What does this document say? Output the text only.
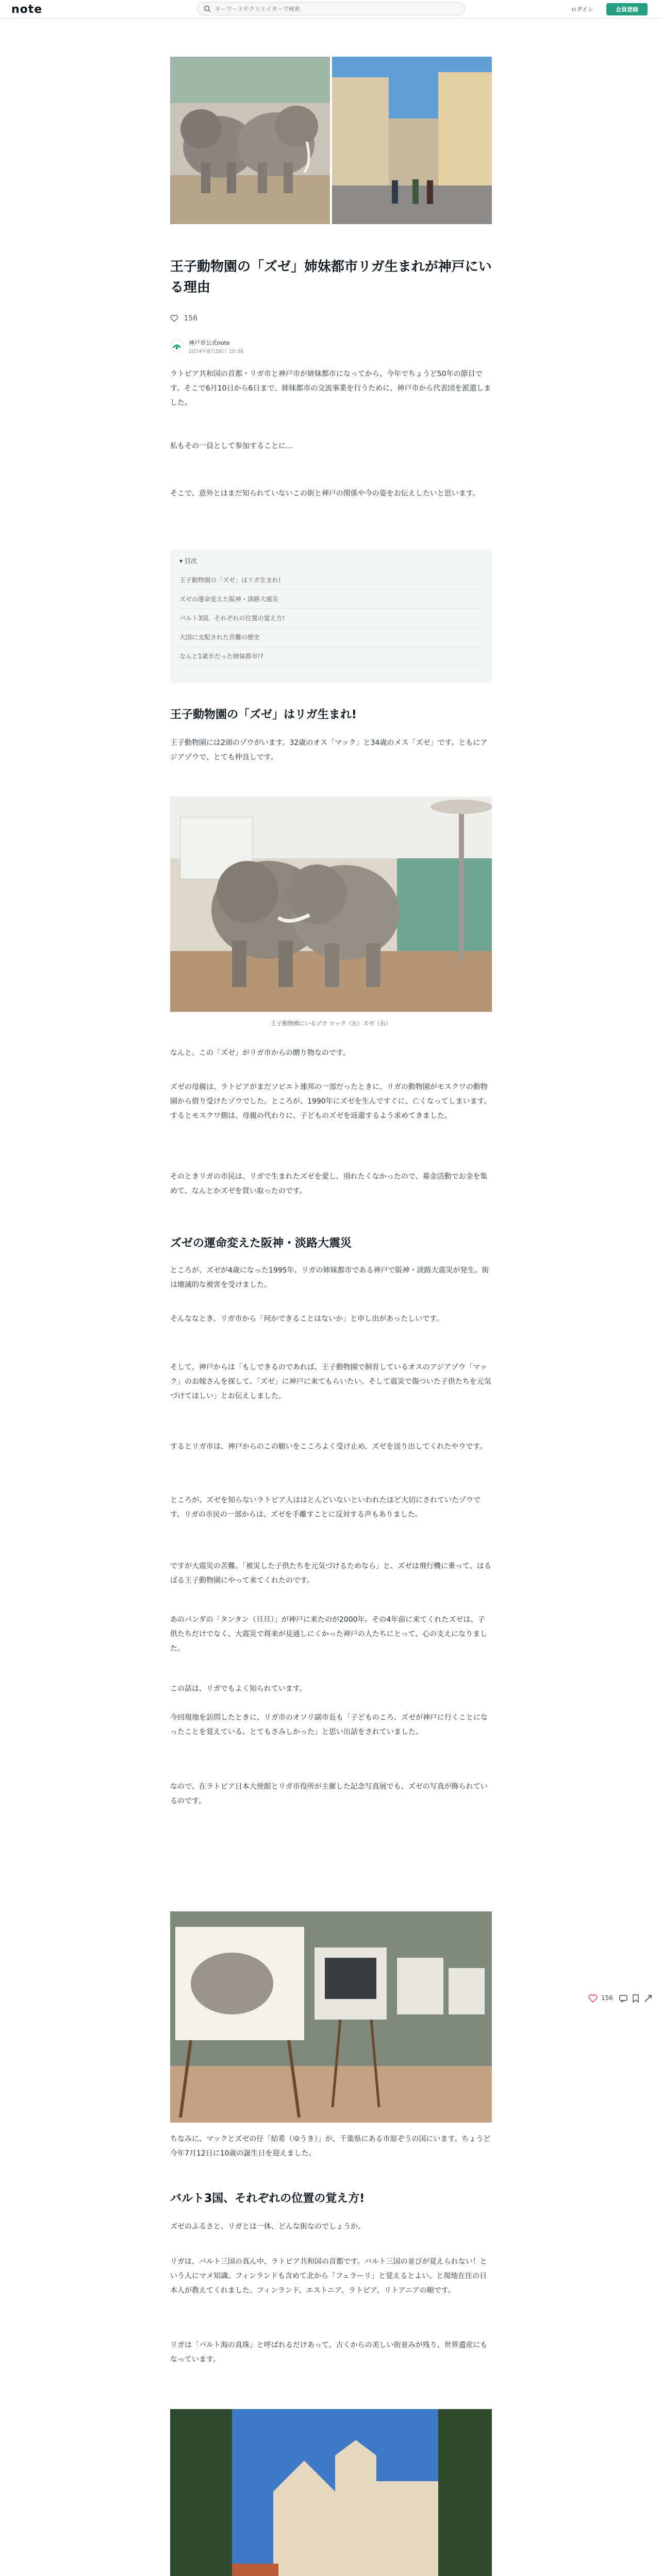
note
キーワードやクリエイターで検索	ログイン	会員登録
王子動物園の「ズゼ」姉妹都市リガ生まれが神戸にいる理由
156
神戸市公式note
2024年8月28日 10:36

ラトビア共和国の首都・リガ市と神戸市が姉妹都市になってから、今年でちょうど50年の節目です。そこで6月10日から6日まで、姉妹都市の交流事業を行うために、神戸市から代表団を派遣しました。

私もその一員として参加することに…

そこで、意外とはまだ知られていないこの街と神戸の関係や今の姿をお伝えしたいと思います。

▾ 目次
王子動物園の「ズゼ」はリガ生まれ!
ズゼの運命変えた阪神・淡路大震災
バルト3国、それぞれの位置の覚え方!
大国に支配された苦難の歴史
なんと1歳半だった姉妹都市!?
王子動物園の「ズゼ」はリガ生まれ!

王子動物園には2頭のゾウがいます。32歳のオス「マック」と34歳のメス「ズゼ」です。ともにアジアゾウで、とても仲良しです。

王子動物園にいるゾウ マック（左）ズゼ（右）

なんと、この「ズゼ」がリガ市からの贈り物なのです。

ズゼの母親は、ラトビアがまだソビエト連邦の一部だったときに、リガの動物園がモスクワの動物園から借り受けたゾウでした。ところが、1990年にズゼを生んですぐに、亡くなってしまいます。するとモスクワ側は、母親の代わりに、子どものズゼを返還するよう求めてきました。

そのときリガの市民は、リガで生まれたズゼを愛し、別れたくなかったので、募金活動でお金を集めて、なんとかズゼを買い取ったのです。

ズゼの運命変えた阪神・淡路大震災

ところが、ズゼが4歳になった1995年、リガの姉妹都市である神戸で阪神・淡路大震災が発生。街は壊滅的な被害を受けました。

そんななとき、リガ市から「何かできることはないか」と申し出があったしいです。

そして、神戸からは「もしできるのであれば、王子動物園で飼育しているオスのアジアゾウ「マック」のお嫁さんを探して、「ズゼ」に神戸に来てもらいたい。そして震災で傷ついた子供たちを元気づけてほしい」とお伝えしました。

するとリガ市は、神戸からのこの願いをこころよく受け止め、ズゼを送り出してくれたやウです。

ところが、ズゼを知らないラトビア人ははとんどいないといわれたほど大切にされていたゾウです。リガの市民の一部からは、ズゼを手離すことに反対する声もありました。

ですが大震災の苦難。「被災した子供たちを元気づけるためなら」と、ズゼは飛行機に乗って、はるばる王子動物園にやって来てくれたのです。

あのパンダの「タンタン（旦旦）」が神戸に来たのが2000年。その4年前に来てくれたズゼは、子供たちだけでなく、大震災で将来が見通しにくかった神戸の人たちにとって、心の支えになりました。

この話は、リガでもよく知られています。

今回現地を訪問したときに、リガ市のオソリ副市長も「子どものころ、ズゼが神戸に行くことになったことを覚えている。とてもさみしかった」と思い出話をされていました。

なので、在ラトビア日本大使館とリガ市役所が主催した記念写真展でも、ズゼの写真が飾られているのです。

ちなみに、マックとズゼの仔「結希（ゆうき）」が、千葉県にある市原ぞうの国にいます。ちょうど今年7月12日に10歳の誕生日を迎えました。

バルト3国、それぞれの位置の覚え方!

ズゼのふるさと、リガとは一体、どんな街なのでしょうか。

リガは、バルト三国の真ん中、ラトビア共和国の首都です。バルト三国の並びが覚えられない！という人にマメ知識。フィンランドも含めて北から「フェラーリ」と覚えるとよい。と現地在住の日本人が教えてくれました。フィンランド、エストニア、ラトビア、リトアニアの順です。

リガは「バルト海の真珠」と呼ばれるだけあって、古くからの美しい街並みが残り、世界遺産にもなっています。

156
